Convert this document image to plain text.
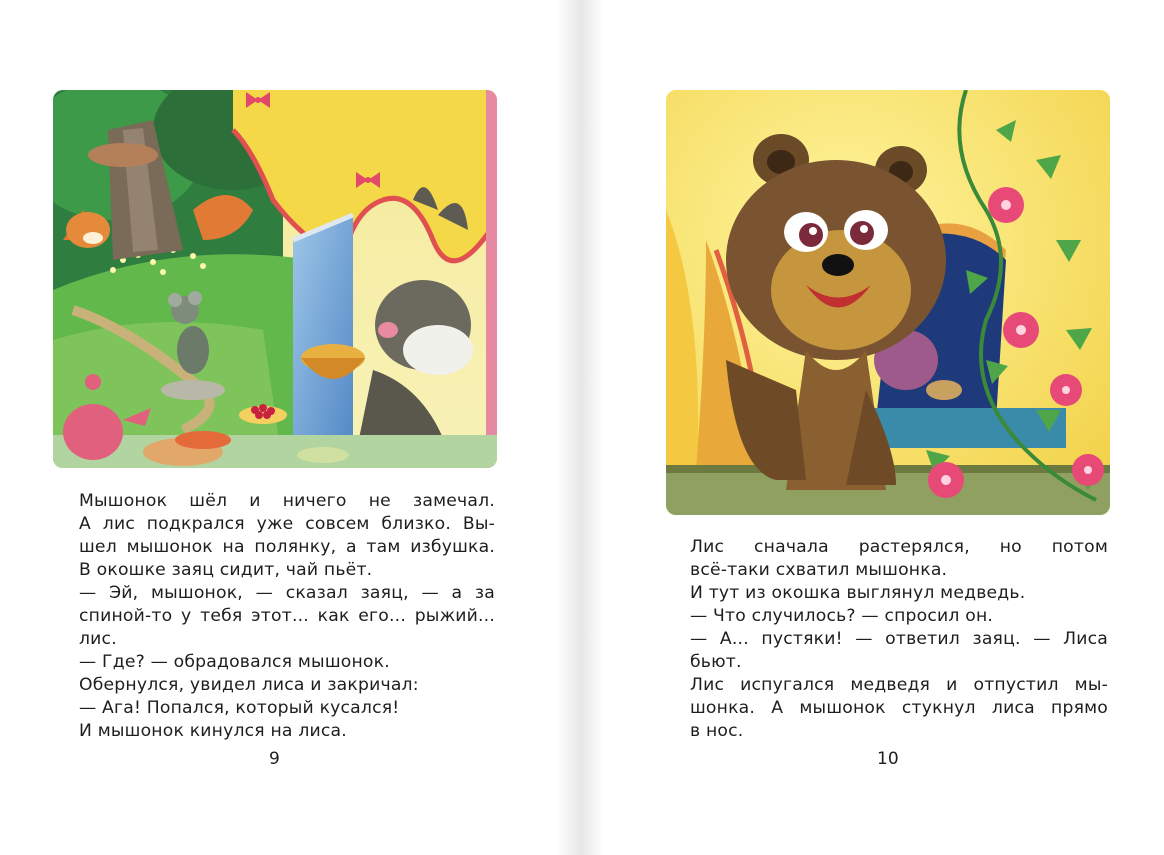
Мышонок шёл и ничего не замечал.
А лис подкрался уже совсем близко. Вы-
шел мышонок на полянку, а там избушка.
В окошке заяц сидит, чай пьёт.
— Эй, мышонок, — сказал заяц, — а за
спиной-то у тебя этот... как его... рыжий...
лис.
— Где? — обрадовался мышонок.
Обернулся, увидел лиса и закричал:
— Ага! Попался, который кусался!
И мышонок кинулся на лиса.
9
Лис сначала растерялся, но потом
всё-таки схватил мышонка.
И тут из окошка выглянул медведь.
— Что случилось? — спросил он.
— А... пустяки! — ответил заяц. — Лиса
бьют.
Лис испугался медведя и отпустил мы-
шонка. А мышонок стукнул лиса прямо
в нос.
10
